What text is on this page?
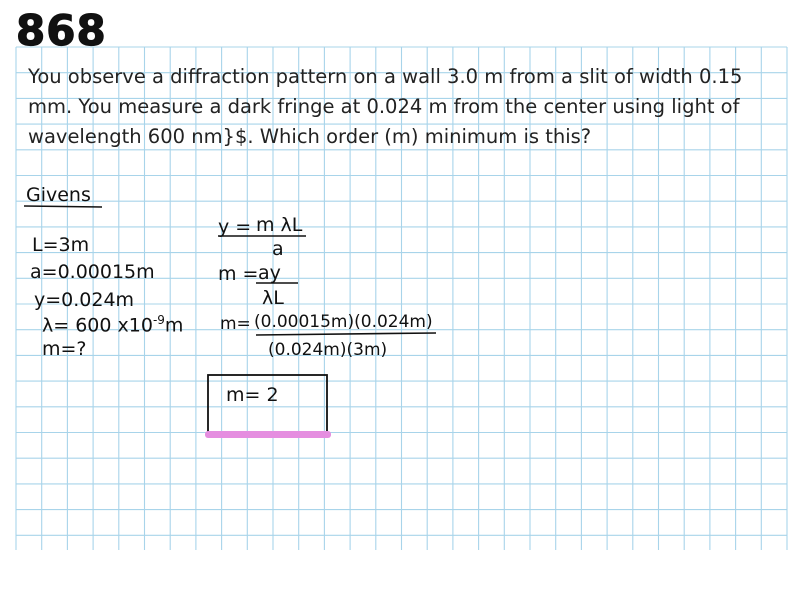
868
You observe a diffraction pattern on a wall 3.0 m from a slit of width 0.15 mm. You measure a dark fringe at 0.024 m from the center using light of wavelength 600 nm}$. Which order (m) minimum is this?
Givens
L=3m
a=0.00015m
y=0.024m
λ= 600 $x10^{-9}m$
m=?
y = m λL
a
m = ay
λL
m= (0.00015m)(0.024m)
(0.024m)(3m)
m= 2
